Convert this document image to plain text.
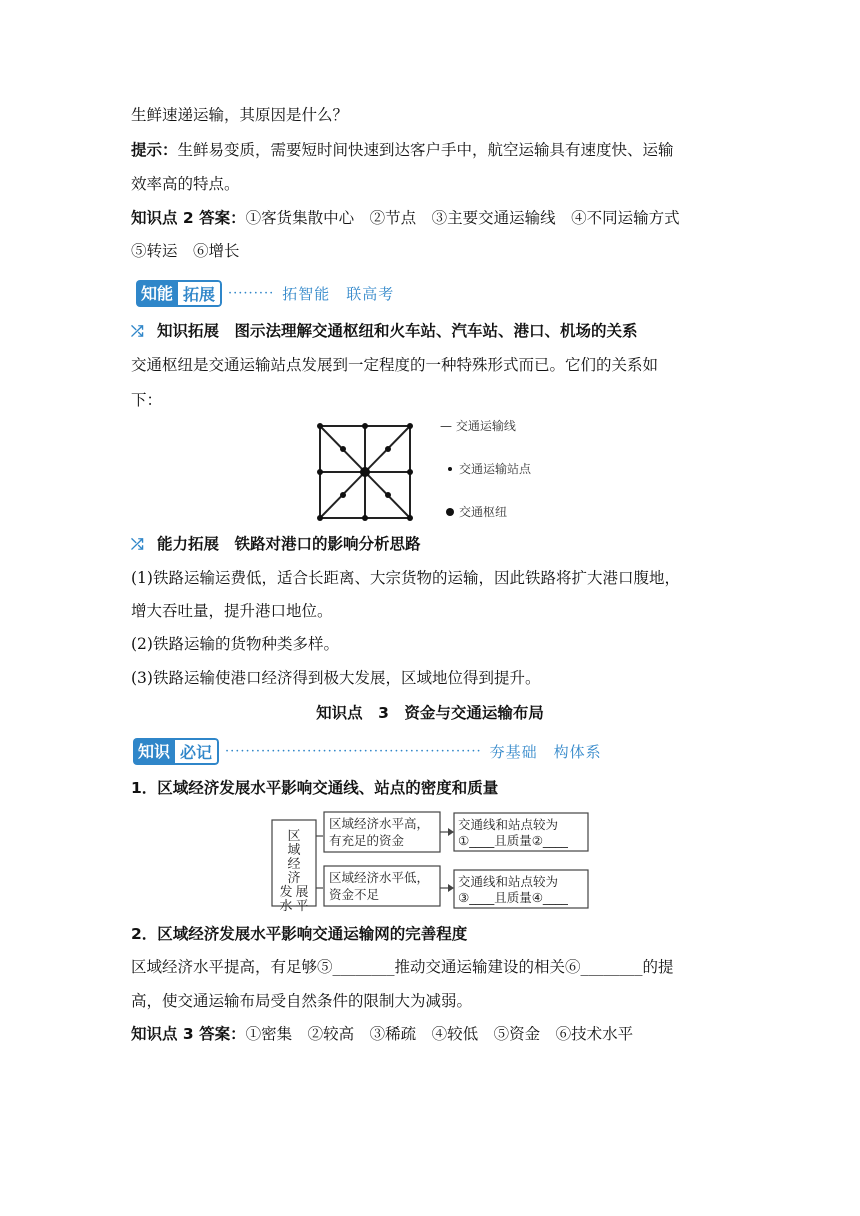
生鲜速递运输，其原因是什么？
提示：生鲜易变质，需要短时间快速到达客户手中，航空运输具有速度快、运输
效率高的特点。
知识点 2 答案：①客货集散中心　②节点　③主要交通运输线　④不同运输方式
⑤转运　⑥增长
知能 拓展	········· 拓智能　联高考
⤮ 知识拓展　图示法理解交通枢纽和火车站、汽车站、港口、机场的关系
交通枢纽是交通运输站点发展到一定程度的一种特殊形式而已。它们的关系如
下：
— 交通运输线
交通运输站点
交通枢纽
⤮ 能力拓展　铁路对港口的影响分析思路
(1)铁路运输运费低，适合长距离、大宗货物的运输，因此铁路将扩大港口腹地，
增大吞吐量，提升港口地位。
(2)铁路运输的货物种类多样。
(3)铁路运输使港口经济得到极大发展，区域地位得到提升。
知识点　3　资金与交通运输布局
知识 必记	·················································· 夯基础　构体系
1．区域经济发展水平影响交通线、站点的密度和质量
区
域
经
济
发 展
水 平
区域经济水平高，
有充足的资金
交通线和站点较为
①____且质量②____
区域经济水平低，
资金不足
交通线和站点较为
③____且质量④____
2．区域经济发展水平影响交通运输网的完善程度
区域经济水平提高，有足够⑤________推动交通运输建设的相关⑥________的提
高，使交通运输布局受自然条件的限制大为减弱。
知识点 3 答案：①密集　②较高　③稀疏　④较低　⑤资金　⑥技术水平
